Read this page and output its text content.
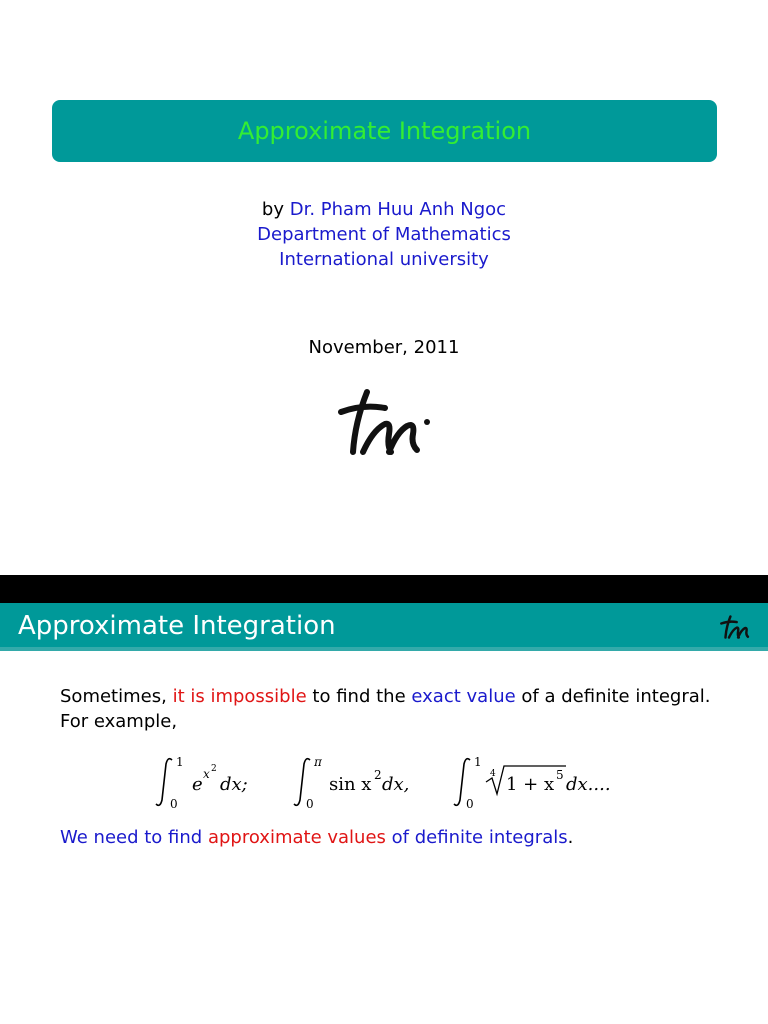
Approximate Integration
by Dr. Pham Huu Anh Ngoc
Department of Mathematics
International university
November, 2011
Approximate Integration
Sometimes, it is impossible to find the exact value of a definite integral.
For example,
1
0
e x 2
dx;
π
0
sin x 2 dx,
1
0
4 1 + x 5 dx....
We need to find approximate values of definite integrals.
